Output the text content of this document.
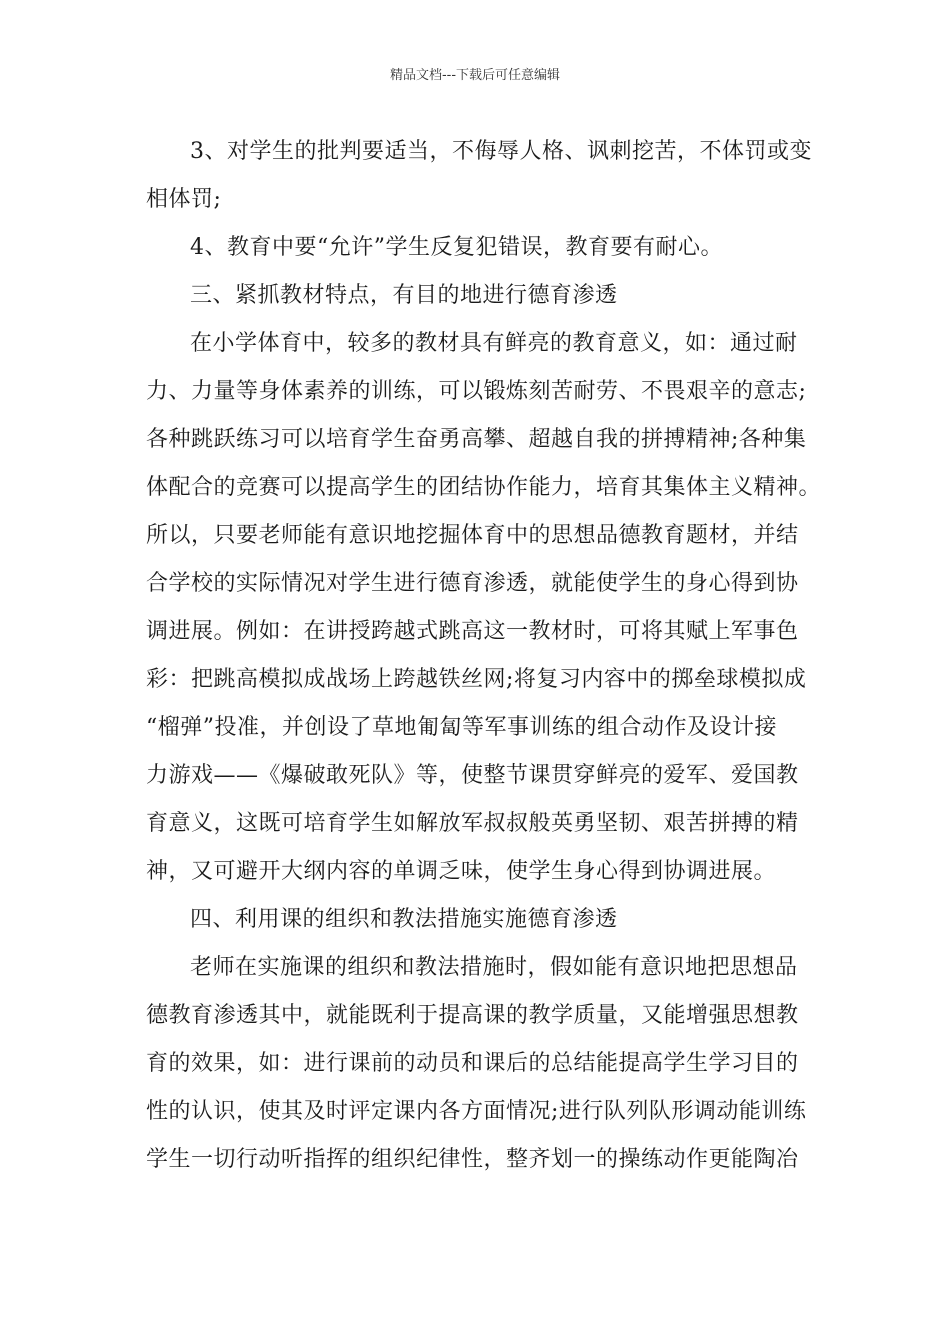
精品文档---下载后可任意编辑
3、对学生的批判要适当，不侮辱人格、讽刺挖苦，不体罚或变
相体罚;
4、教育中要“允许”学生反复犯错误，教育要有耐心。
三、紧抓教材特点，有目的地进行德育渗透
在小学体育中，较多的教材具有鲜亮的教育意义，如：通过耐
力、力量等身体素养的训练，可以锻炼刻苦耐劳、不畏艰辛的意志;
各种跳跃练习可以培育学生奋勇高攀、超越自我的拼搏精神;各种集
体配合的竞赛可以提高学生的团结协作能力，培育其集体主义精神。
所以，只要老师能有意识地挖掘体育中的思想品德教育题材，并结
合学校的实际情况对学生进行德育渗透，就能使学生的身心得到协
调进展。例如：在讲授跨越式跳高这一教材时，可将其赋上军事色
彩：把跳高模拟成战场上跨越铁丝网;将复习内容中的掷垒球模拟成
“榴弹”投准，并创设了草地匍匐等军事训练的组合动作及设计接
力游戏——《爆破敢死队》等，使整节课贯穿鲜亮的爱军、爱国教
育意义，这既可培育学生如解放军叔叔般英勇坚韧、艰苦拼搏的精
神，又可避开大纲内容的单调乏味，使学生身心得到协调进展。
四、利用课的组织和教法措施实施德育渗透
老师在实施课的组织和教法措施时，假如能有意识地把思想品
德教育渗透其中，就能既利于提高课的教学质量，又能增强思想教
育的效果，如：进行课前的动员和课后的总结能提高学生学习目的
性的认识，使其及时评定课内各方面情况;进行队列队形调动能训练
学生一切行动听指挥的组织纪律性，整齐划一的操练动作更能陶冶
